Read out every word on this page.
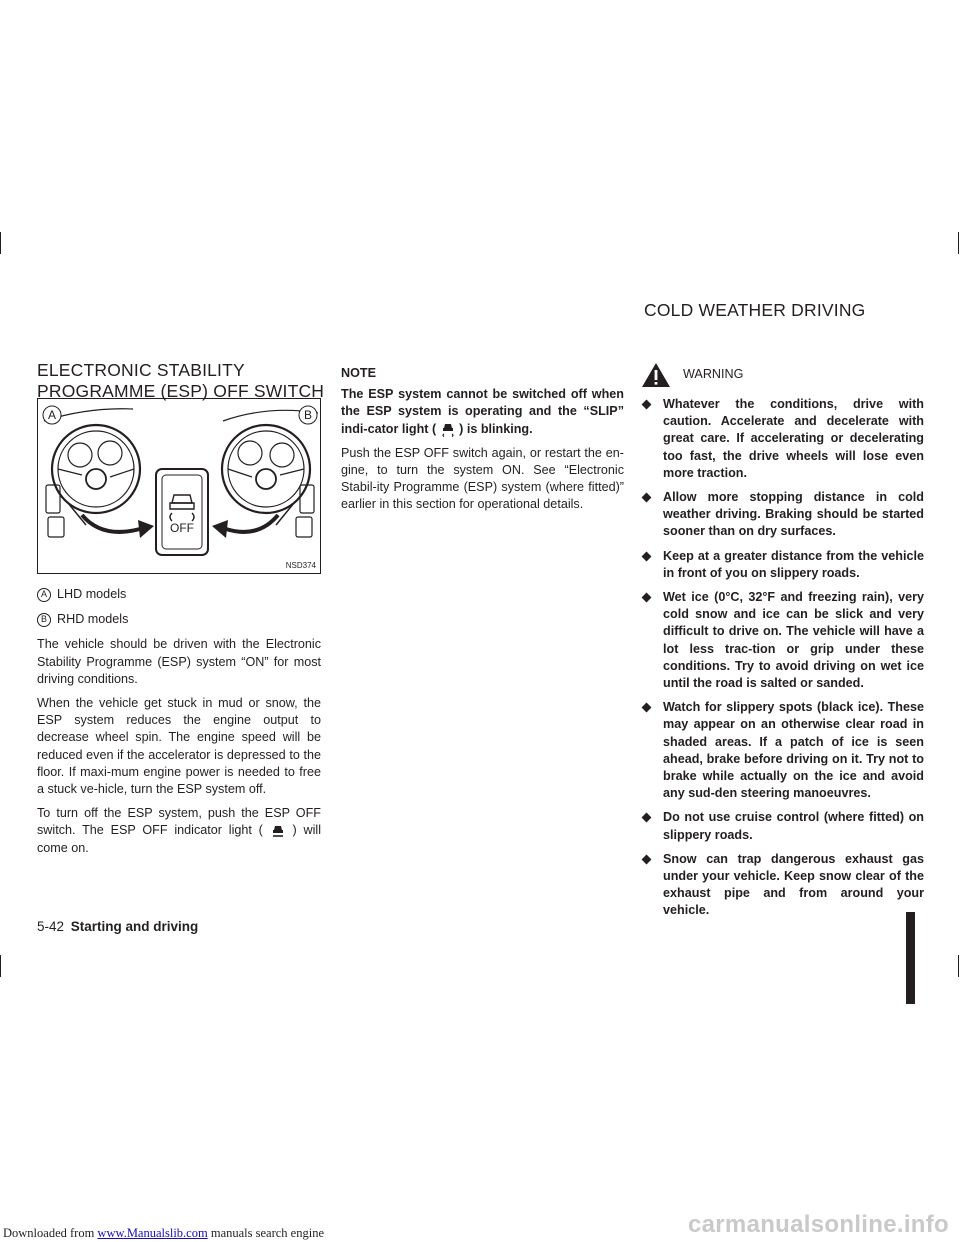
Downloaded from www.Manualslib.com manuals search engine
COLD WEATHER DRIVING
ELECTRONIC STABILITY
PROGRAMME (ESP) OFF SWITCH
A	B
OFF
NSD374
A LHD models
B RHD models

The vehicle should be driven with the Electronic Stability Programme (ESP) system “ON” for most driving conditions.

When the vehicle get stuck in mud or snow, the ESP system reduces the engine output to decrease wheel spin. The engine speed will be reduced even if the accelerator is depressed to the floor. If maxi-mum engine power is needed to free a stuck ve-hicle, turn the ESP system off.

To turn off the ESP system, push the ESP OFF switch. The ESP OFF indicator light ( ) will come on.

NOTE

The ESP system cannot be switched off when the ESP system is operating and the “SLIP” indi-cator light ( ) is blinking.

Push the ESP OFF switch again, or restart the en-gine, to turn the system ON. See “Electronic Stabil-ity Programme (ESP) system (where fitted)” earlier in this section for operational details.

WARNING
Whatever the conditions, drive with caution. Accelerate and decelerate with great care. If accelerating or decelerating too fast, the drive wheels will lose even more traction.
Allow more stopping distance in cold weather driving. Braking should be started sooner than on dry surfaces.
Keep at a greater distance from the vehicle in front of you on slippery roads.
Wet ice (0°C, 32°F and freezing rain), very cold snow and ice can be slick and very difficult to drive on. The vehicle will have a lot less trac-tion or grip under these conditions. Try to avoid driving on wet ice until the road is salted or sanded.
Watch for slippery spots (black ice). These may appear on an otherwise clear road in shaded areas. If a patch of ice is seen ahead, brake before driving on it. Try not to brake while actually on the ice and avoid any sud-den steering manoeuvres.
Do not use cruise control (where fitted) on slippery roads.
Snow can trap dangerous exhaust gas under your vehicle. Keep snow clear of the exhaust pipe and from around your vehicle.
5-42 Starting and driving
carmanualsonline.info
